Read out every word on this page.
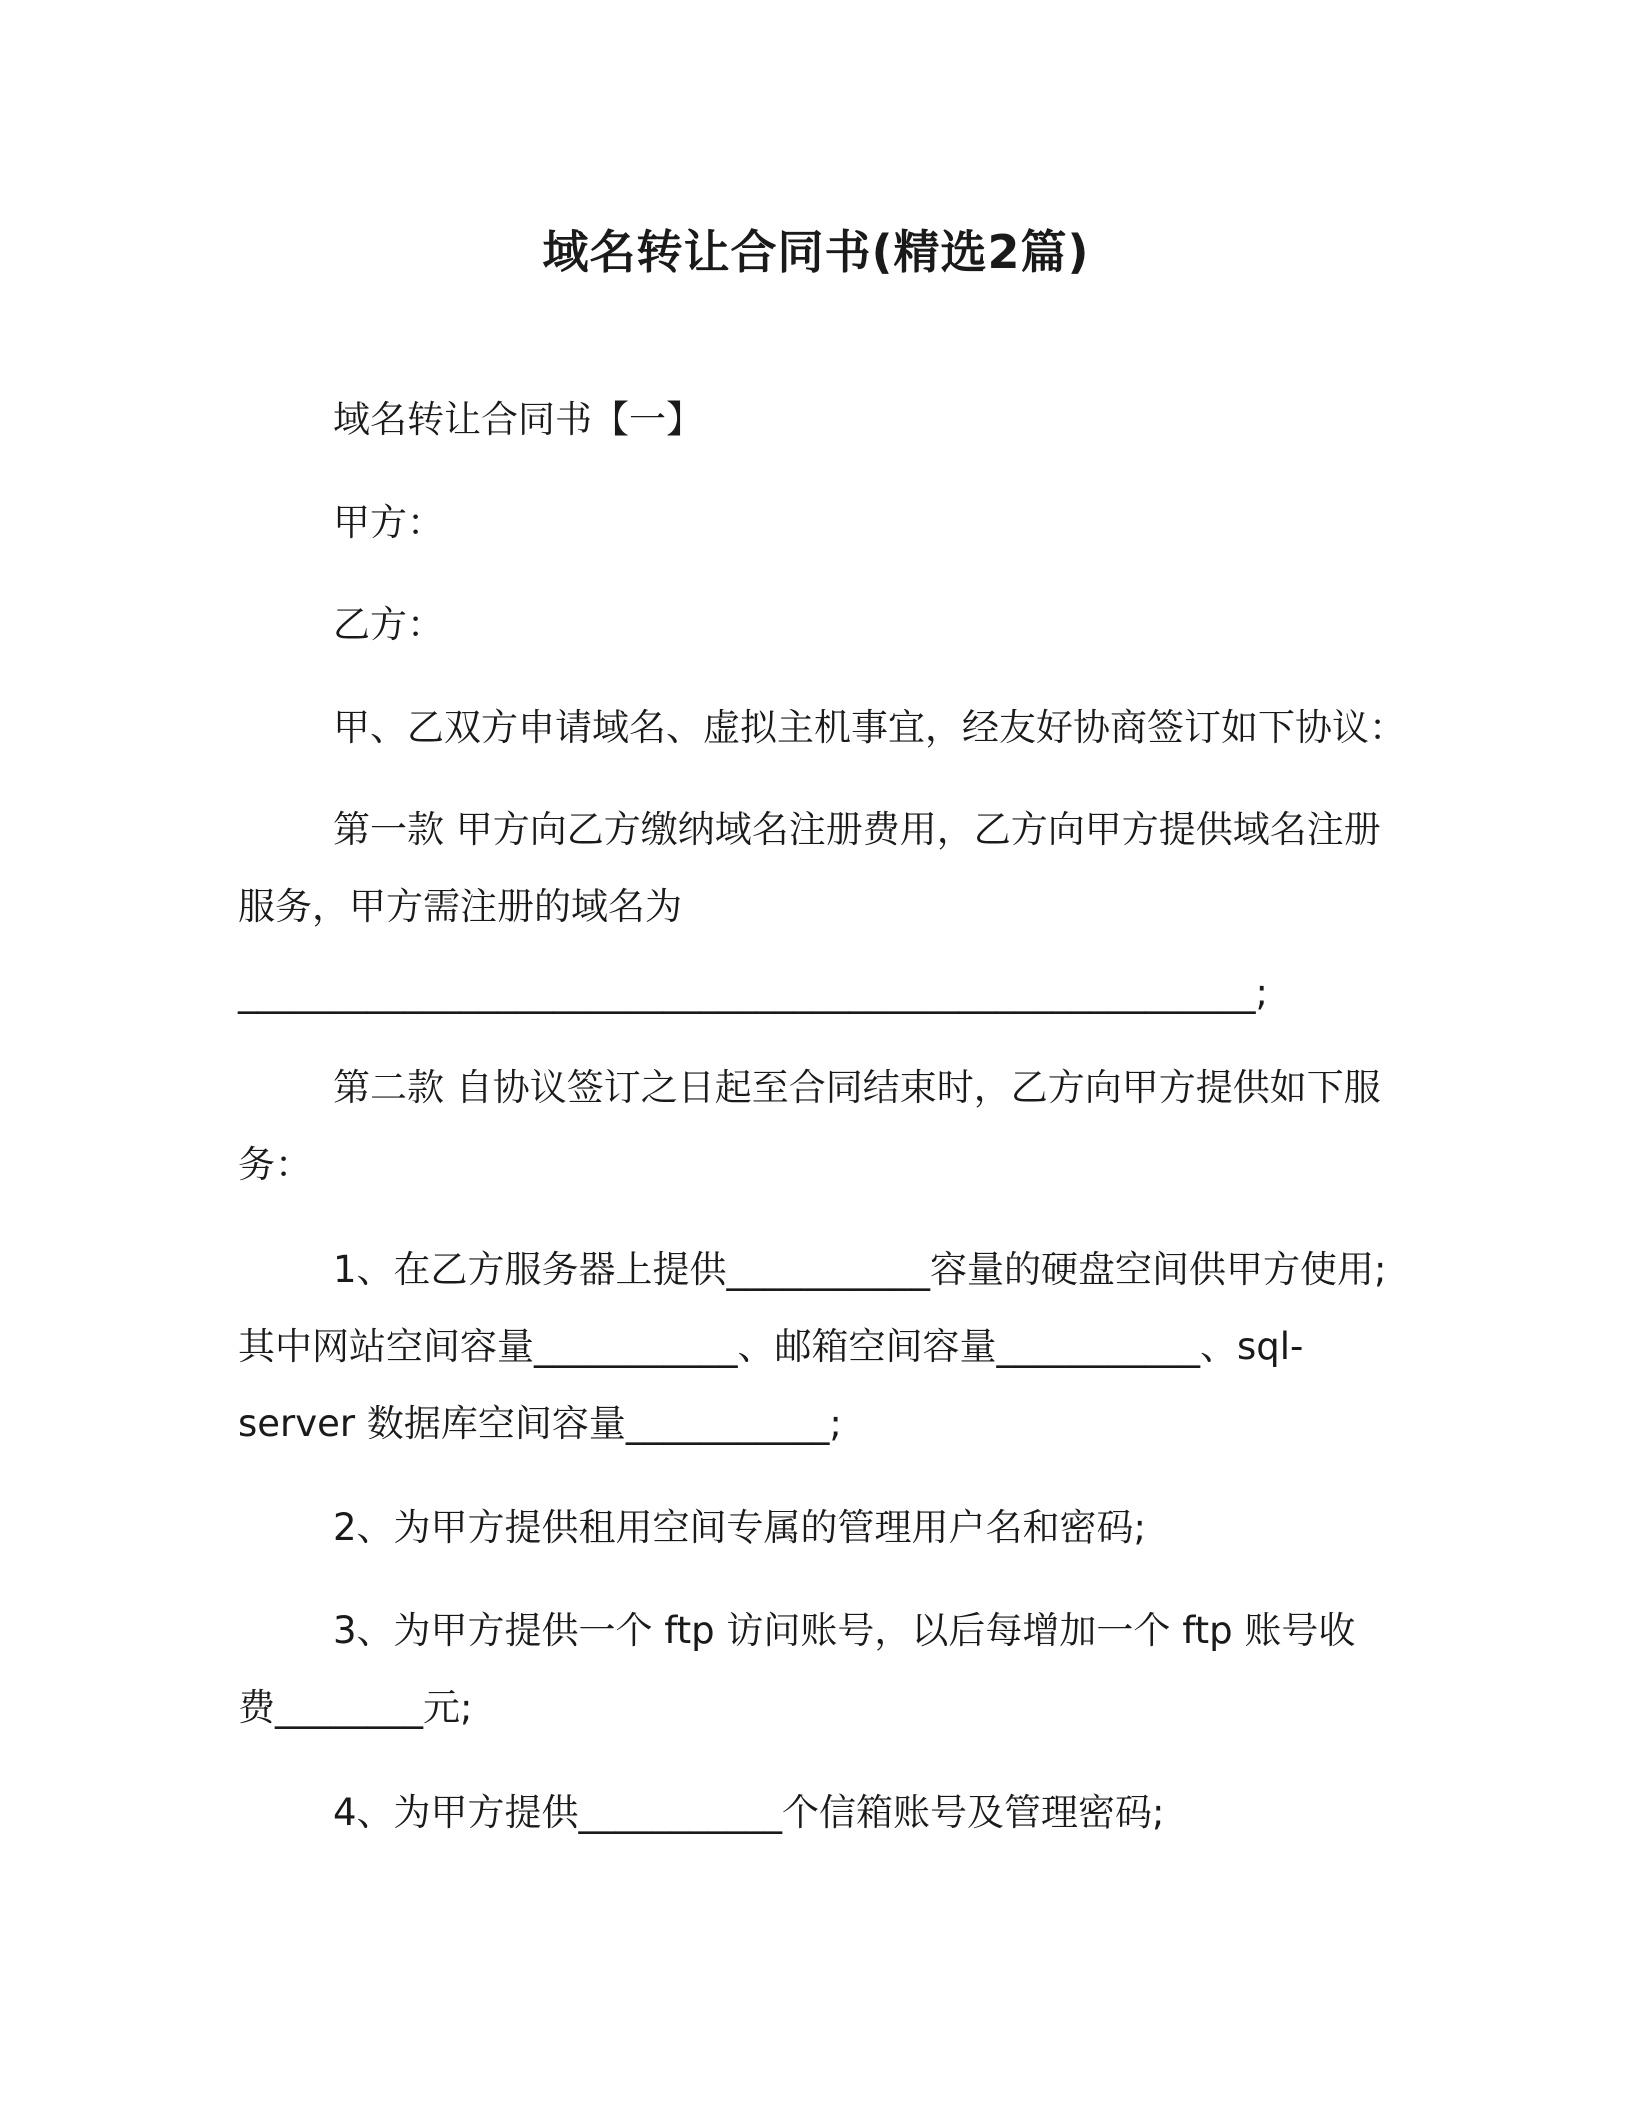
域名转让合同书(精选2篇)
域名转让合同书【一】
甲方：
乙方：
甲、乙双方申请域名、虚拟主机事宜，经友好协商签订如下协议：
第一款 甲方向乙方缴纳域名注册费用，乙方向甲方提供域名注册
服务，甲方需注册的域名为
_______________________________________________________;
第二款 自协议签订之日起至合同结束时，乙方向甲方提供如下服
务：
1、在乙方服务器上提供___________容量的硬盘空间供甲方使用;
其中网站空间容量___________、邮箱空间容量___________、sql-
server 数据库空间容量___________;
2、为甲方提供租用空间专属的管理用户名和密码;
3、为甲方提供一个 ftp 访问账号，以后每增加一个 ftp 账号收
费________元;
4、为甲方提供___________个信箱账号及管理密码;
